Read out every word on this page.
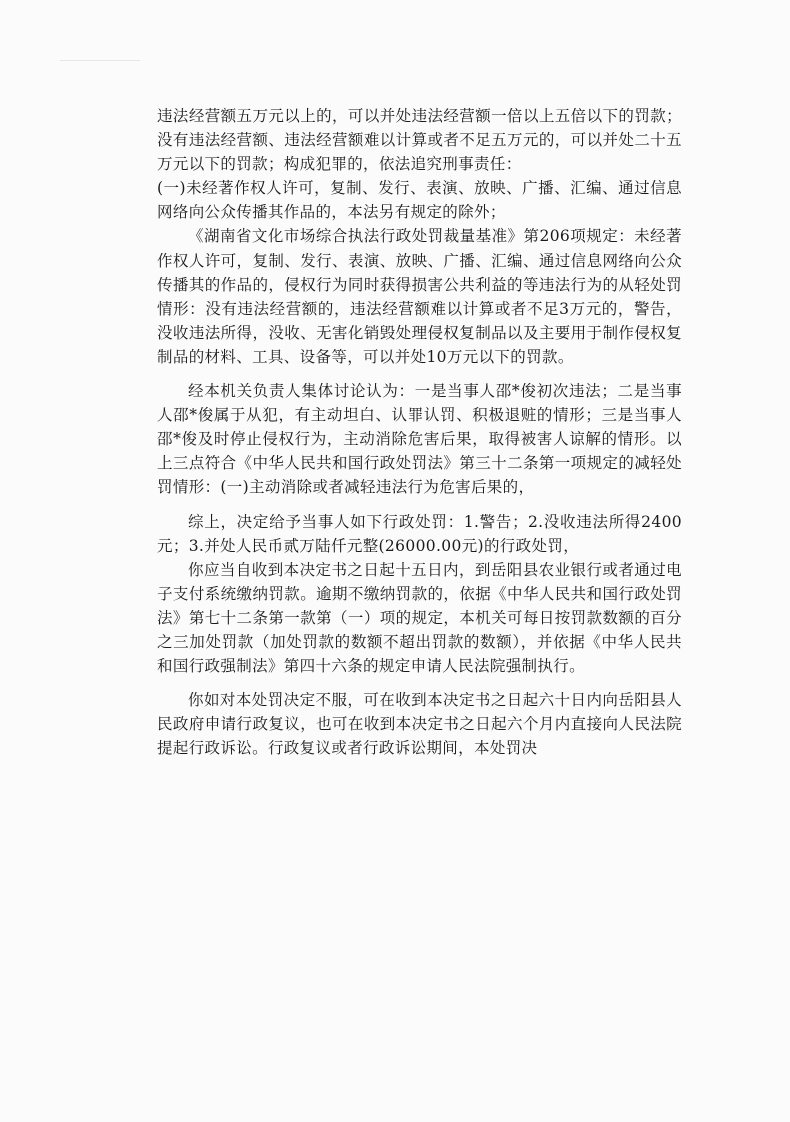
违法经营额五万元以上的，可以并处违法经营额一倍以上五倍以下的罚款；没有违法经营额、违法经营额难以计算或者不足五万元的，可以并处二十五万元以下的罚款；构成犯罪的，依法追究刑事责任：

(一)未经著作权人许可，复制、发行、表演、放映、广播、汇编、通过信息网络向公众传播其作品的，本法另有规定的除外；

《湖南省文化市场综合执法行政处罚裁量基准》第206项规定：未经著作权人许可，复制、发行、表演、放映、广播、汇编、通过信息网络向公众传播其的作品的，侵权行为同时获得损害公共利益的等违法行为的从轻处罚情形：没有违法经营额的，违法经营额难以计算或者不足3万元的，警告，没收违法所得，没收、无害化销毁处理侵权复制品以及主要用于制作侵权复制品的材料、工具、设备等，可以并处10万元以下的罚款。

经本机关负责人集体讨论认为：一是当事人邵*俊初次违法；二是当事人邵*俊属于从犯，有主动坦白、认罪认罚、积极退赃的情形；三是当事人邵*俊及时停止侵权行为，主动消除危害后果，取得被害人谅解的情形。以上三点符合《中华人民共和国行政处罚法》第三十二条第一项规定的减轻处罚情形：(一)主动消除或者减轻违法行为危害后果的，

综上，决定给予当事人如下行政处罚：1.警告；2.没收违法所得2400元；3.并处人民币贰万陆仟元整(26000.00元)的行政处罚，

你应当自收到本决定书之日起十五日内，到岳阳县农业银行或者通过电子支付系统缴纳罚款。逾期不缴纳罚款的，依据《中华人民共和国行政处罚法》第七十二条第一款第（一）项的规定，本机关可每日按罚款数额的百分之三加处罚款（加处罚款的数额不超出罚款的数额），并依据《中华人民共和国行政强制法》第四十六条的规定申请人民法院强制执行。

你如对本处罚决定不服，可在收到本决定书之日起六十日内向岳阳县人民政府申请行政复议，也可在收到本决定书之日起六个月内直接向人民法院提起行政诉讼。行政复议或者行政诉讼期间，本处罚决
